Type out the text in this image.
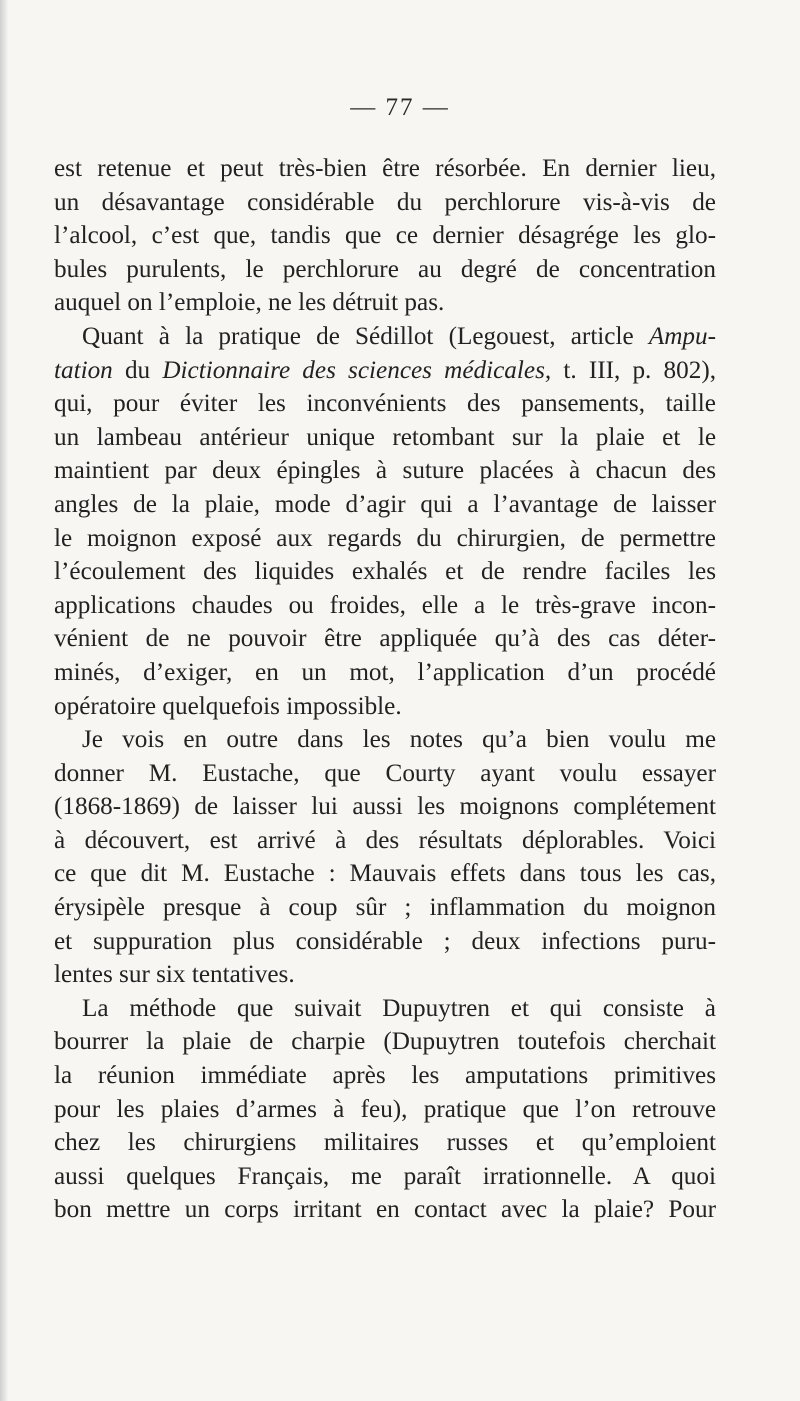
— 77 —
est retenue et peut très-bien être résorbée. En dernier lieu,
un désavantage considérable du perchlorure vis-à-vis de
l’alcool, c’est que, tandis que ce dernier désagrége les glo-
bules purulents, le perchlorure au degré de concentration
auquel on l’emploie, ne les détruit pas.
Quant à la pratique de Sédillot (Legouest, article Ampu-
tation du Dictionnaire des sciences médicales, t. III, p. 802),
qui, pour éviter les inconvénients des pansements, taille
un lambeau antérieur unique retombant sur la plaie et le
maintient par deux épingles à suture placées à chacun des
angles de la plaie, mode d’agir qui a l’avantage de laisser
le moignon exposé aux regards du chirurgien, de permettre
l’écoulement des liquides exhalés et de rendre faciles les
applications chaudes ou froides, elle a le très-grave incon-
vénient de ne pouvoir être appliquée qu’à des cas déter-
minés, d’exiger, en un mot, l’application d’un procédé
opératoire quelquefois impossible.
Je vois en outre dans les notes qu’a bien voulu me
donner M. Eustache, que Courty ayant voulu essayer
(1868-1869) de laisser lui aussi les moignons complétement
à découvert, est arrivé à des résultats déplorables. Voici
ce que dit M. Eustache : Mauvais effets dans tous les cas,
érysipèle presque à coup sûr ; inflammation du moignon
et suppuration plus considérable ; deux infections puru-
lentes sur six tentatives.
La méthode que suivait Dupuytren et qui consiste à
bourrer la plaie de charpie (Dupuytren toutefois cherchait
la réunion immédiate après les amputations primitives
pour les plaies d’armes à feu), pratique que l’on retrouve
chez les chirurgiens militaires russes et qu’emploient
aussi quelques Français, me paraît irrationnelle. A quoi
bon mettre un corps irritant en contact avec la plaie? Pour
